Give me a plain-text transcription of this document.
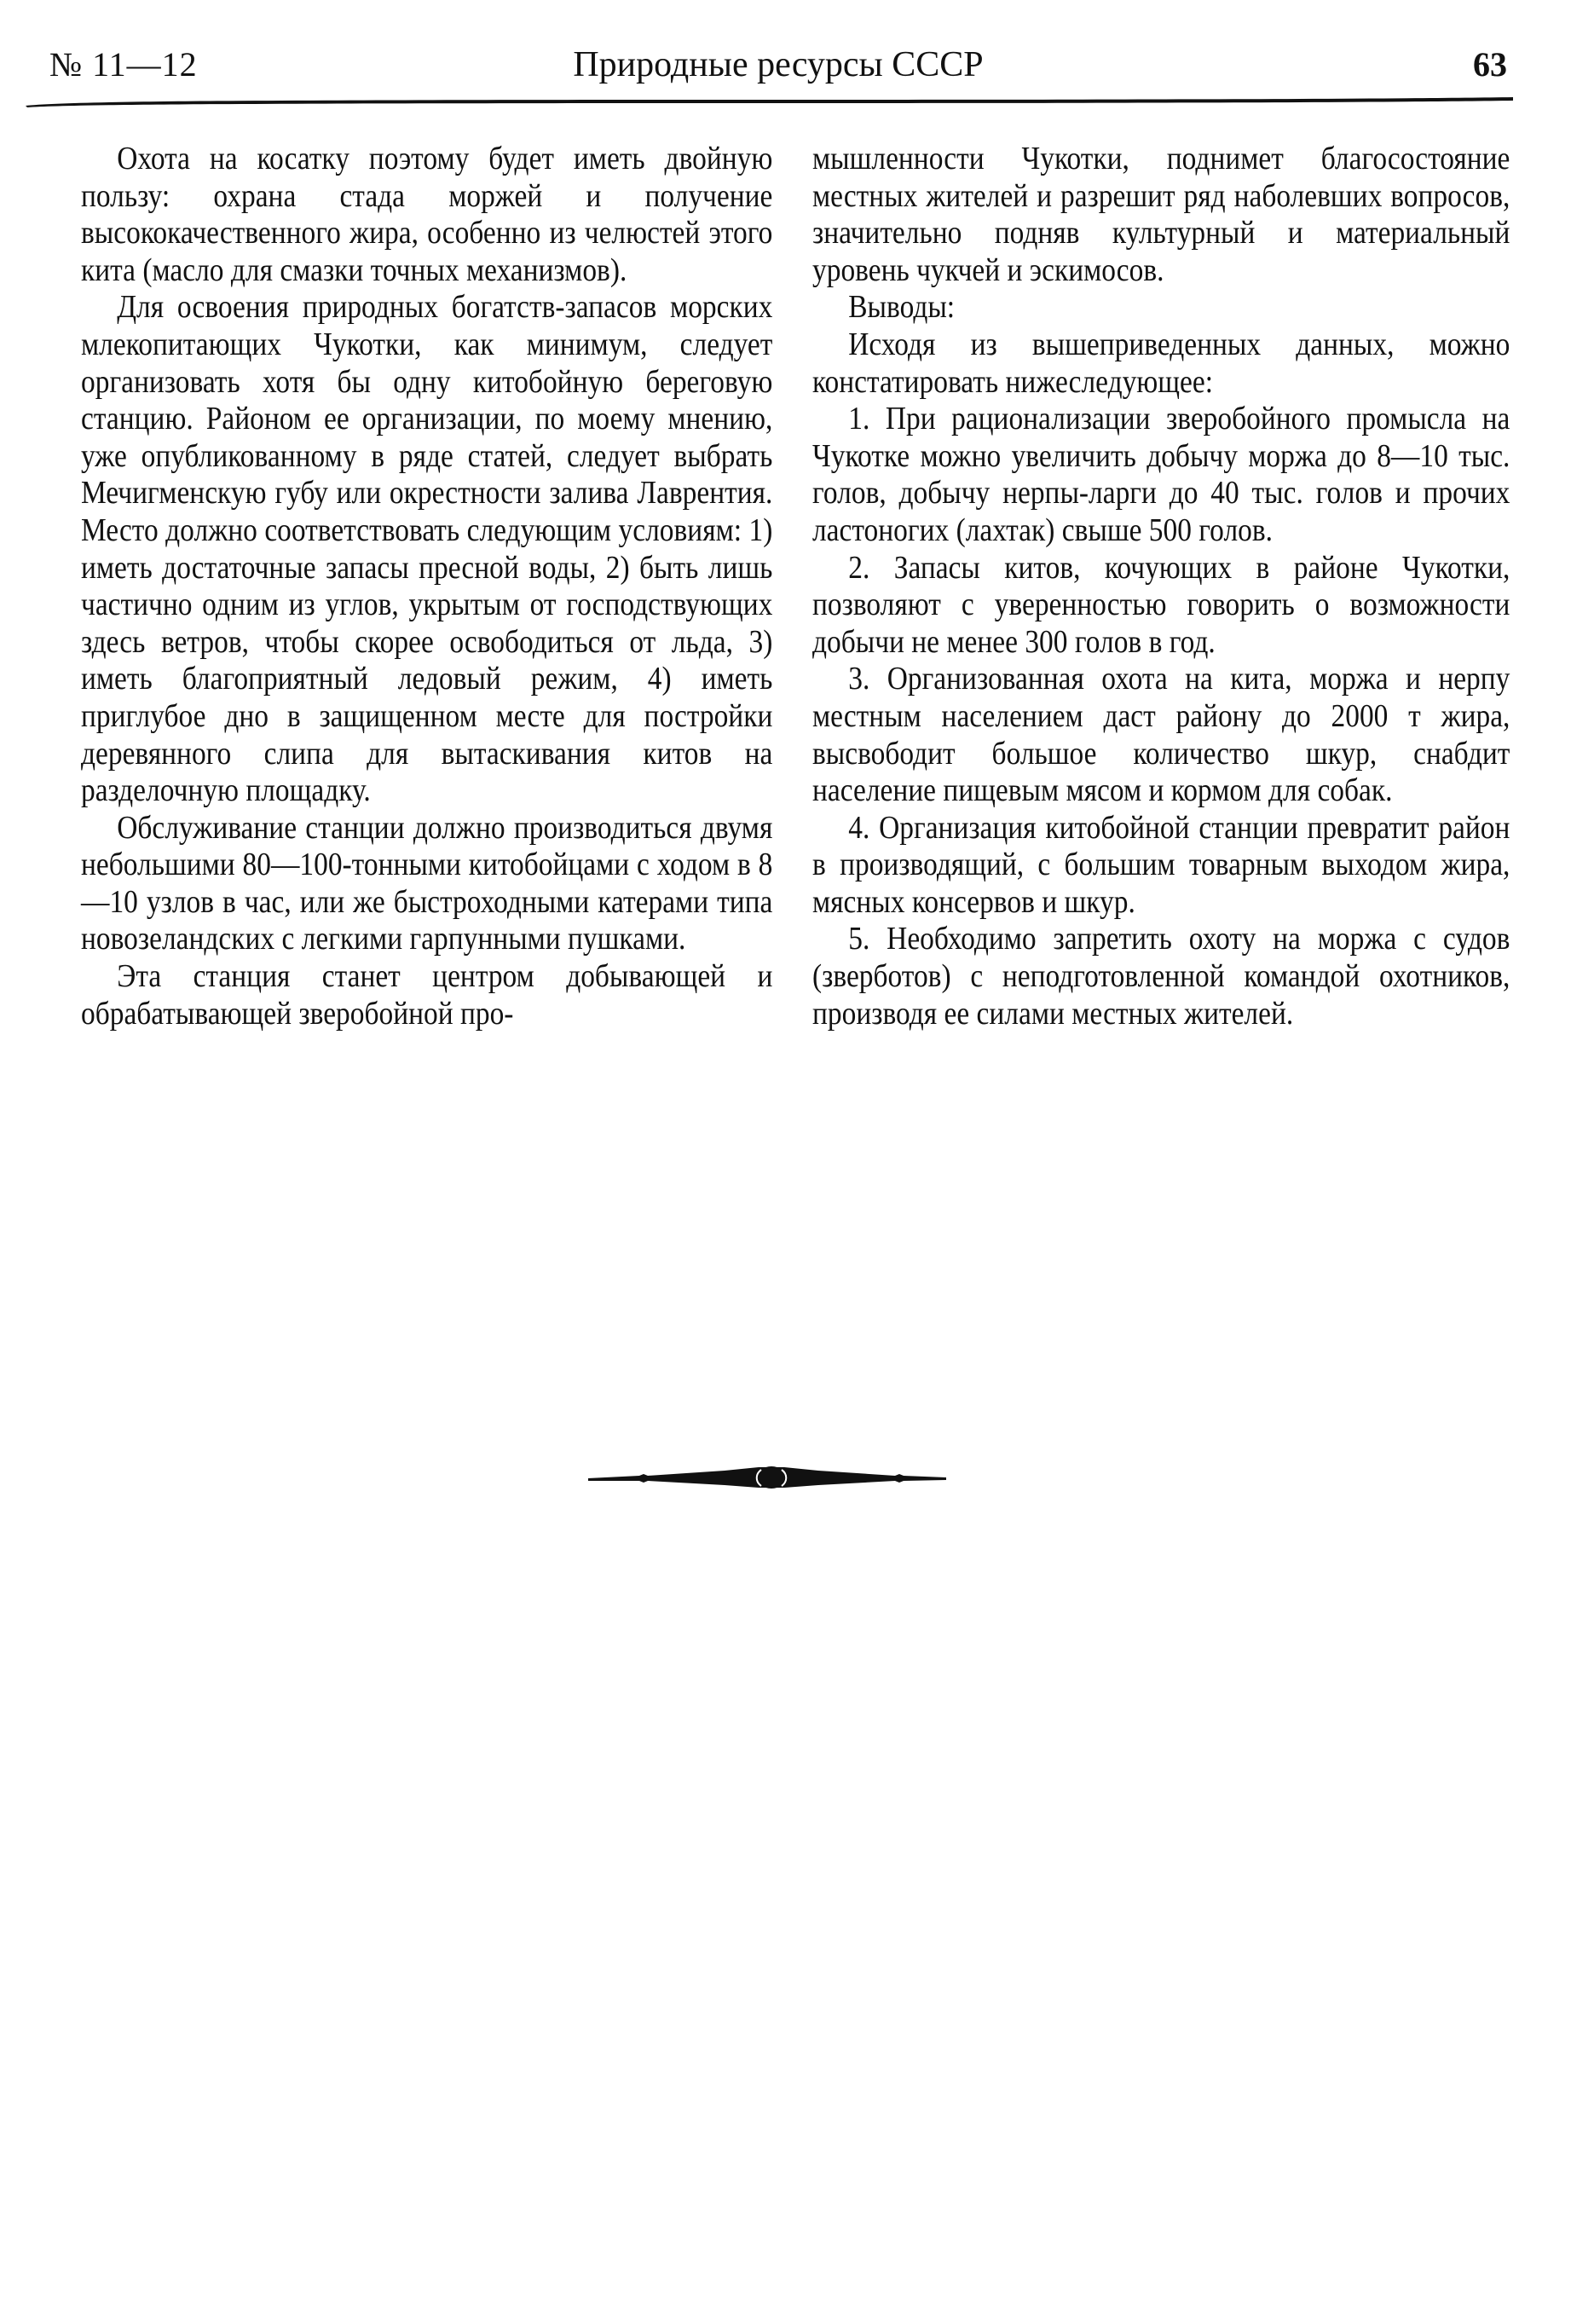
№ 11—12	Природные ресурсы СССР	63

Охота на косатку поэтому будет иметь двойную пользу: охрана стада моржей и получение высококачественного жира, особенно из челюстей этого кита (масло для смазки точных механизмов).

Для освоения природных богатств-запасов морских млекопитающих Чукотки, как минимум, следует организовать хотя бы одну китобойную береговую станцию. Районом ее организации, по моему мнению, уже опубликованному в ряде статей, следует выбрать Мечигменскую губу или окрестности залива Лаврентия. Место должно соответствовать следующим условиям: 1) иметь достаточные запасы пресной воды, 2) быть лишь частично одним из углов, укрытым от господствующих здесь ветров, чтобы скорее освободиться от льда, 3) иметь благоприятный ледовый режим, 4) иметь приглубое дно в защищенном месте для постройки деревянного слипа для вытаскивания китов на разделочную площадку.

Обслуживание станции должно производиться двумя небольшими 80—100-тонными китобойцами с ходом в 8—10 узлов в час, или же быстроходными катерами типа новозеландских с легкими гарпунными пушками.

Эта станция станет центром добывающей и обрабатывающей зверобойной про-

мышленности Чукотки, поднимет благосостояние местных жителей и разрешит ряд наболевших вопросов, значительно подняв культурный и материальный уровень чукчей и эскимосов.

Выводы:

Исходя из вышеприведенных данных, можно констатировать нижеследующее:

1. При рационализации зверобойного промысла на Чукотке можно увеличить добычу моржа до 8—10 тыс. голов, добычу нерпы-ларги до 40 тыс. голов и прочих ластоногих (лахтак) свыше 500 голов.

2. Запасы китов, кочующих в районе Чукотки, позволяют с уверенностью говорить о возможности добычи не менее 300 голов в год.

3. Организованная охота на кита, моржа и нерпу местным населением даст району до 2000 т жира, высвободит большое количество шкур, снабдит население пищевым мясом и кормом для собак.

4. Организация китобойной станции превратит район в производящий, с большим товарным выходом жира, мясных консервов и шкур.

5. Необходимо запретить охоту на моржа с судов (зверботов) с неподготовленной командой охотников, производя ее силами местных жителей.
